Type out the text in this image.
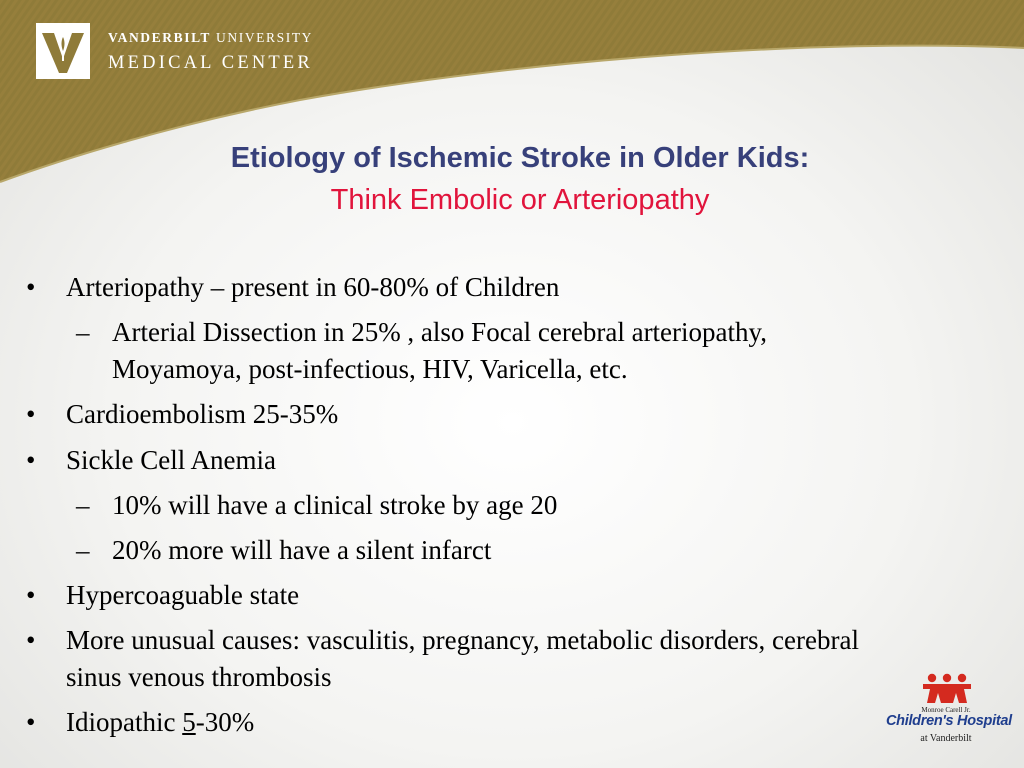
VANDERBILT UNIVERSITY
MEDICAL CENTER
Etiology of Ischemic Stroke in Older Kids:
Think Embolic or Arteriopathy
• Arteriopathy – present in 60-80% of Children
– Arterial Dissection in 25% , also Focal cerebral arteriopathy,
Moyamoya, post-infectious, HIV, Varicella, etc.
• Cardioembolism 25-35%
• Sickle Cell Anemia
– 10% will have a clinical stroke by age 20
– 20% more will have a silent infarct
• Hypercoaguable state
• More unusual causes: vasculitis, pregnancy, metabolic disorders, cerebral
sinus venous thrombosis
• Idiopathic 5-30%	Monroe Carell Jr.
Children's Hospital
at Vanderbilt
